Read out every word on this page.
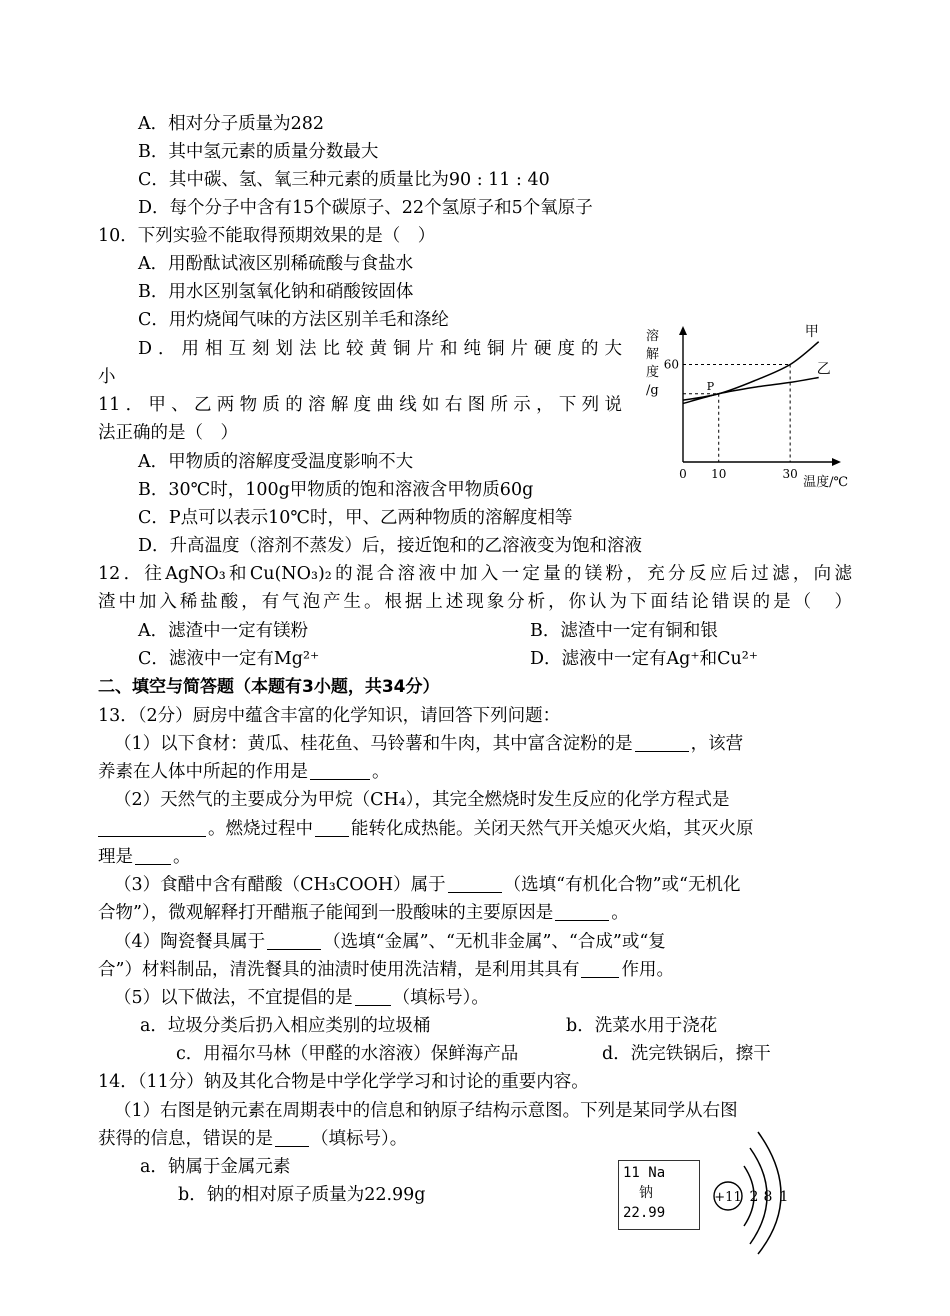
A．相对分子质量为282
B．其中氢元素的质量分数最大
C．其中碳、氢、氧三种元素的质量比为90 : 11 : 40
D．每个分子中含有15个碳原子、22个氢原子和5个氧原子
10．下列实验不能取得预期效果的是（　）
A．用酚酞试液区别稀硫酸与食盐水
B．用水区别氢氧化钠和硝酸铵固体
C．用灼烧闻气味的方法区别羊毛和涤纶
D．用相互刻划法比较黄铜片和纯铜片硬度的大
小
11．甲、乙两物质的溶解度曲线如右图所示，下列说
法正确的是（　）
A．甲物质的溶解度受温度影响不大
B．30℃时，100g甲物质的饱和溶液含甲物质60g
C．P点可以表示10℃时，甲、乙两种物质的溶解度相等
D．升高温度（溶剂不蒸发）后，接近饱和的乙溶液变为饱和溶液
溶
解
度
/g
甲
乙
P
0 10	30
60
温度/℃
12．往AgNO₃和Cu(NO₃)₂的混合溶液中加入一定量的镁粉，充分反应后过滤，向滤
渣中加入稀盐酸，有气泡产生。根据上述现象分析，你认为下面结论错误的是（　）
A．滤渣中一定有镁粉	B．滤渣中一定有铜和银
C．滤液中一定有Mg²⁺	D．滤液中一定有Ag⁺和Cu²⁺
二、填空与简答题（本题有3小题，共34分）
13．（2分）厨房中蕴含丰富的化学知识，请回答下列问题：
（1）以下食材：黄瓜、桂花鱼、马铃薯和牛肉，其中富含淀粉的是	，该营
养素在人体中所起的作用是	。
（2）天然气的主要成分为甲烷（CH₄），其完全燃烧时发生反应的化学方程式是
。燃烧过程中 能转化成热能。关闭天然气开关熄灭火焰，其灭火原
理是 。
（3）食醋中含有醋酸（CH₃COOH）属于	（选填“有机化合物”或“无机化
合物”），微观解释打开醋瓶子能闻到一股酸味的主要原因是	。
（4）陶瓷餐具属于	（选填“金属”、“无机非金属”、“合成”或“复
合”）材料制品，清洗餐具的油渍时使用洗洁精，是利用其具有 作用。
（5）以下做法，不宜提倡的是 （填标号）。
a．垃圾分类后扔入相应类别的垃圾桶	b．洗菜水用于浇花
c．用福尔马林（甲醛的水溶液）保鲜海产品	d．洗完铁锅后，擦干
14．（11分）钠及其化合物是中学化学学习和讨论的重要内容。
（1）右图是钠元素在周期表中的信息和钠原子结构示意图。下列是某同学从右图
获得的信息，错误的是 （填标号）。
a．钠属于金属元素
b．钠的相对原子质量为22.99g
11 Na
钠
22.99
+11 2 8 1
